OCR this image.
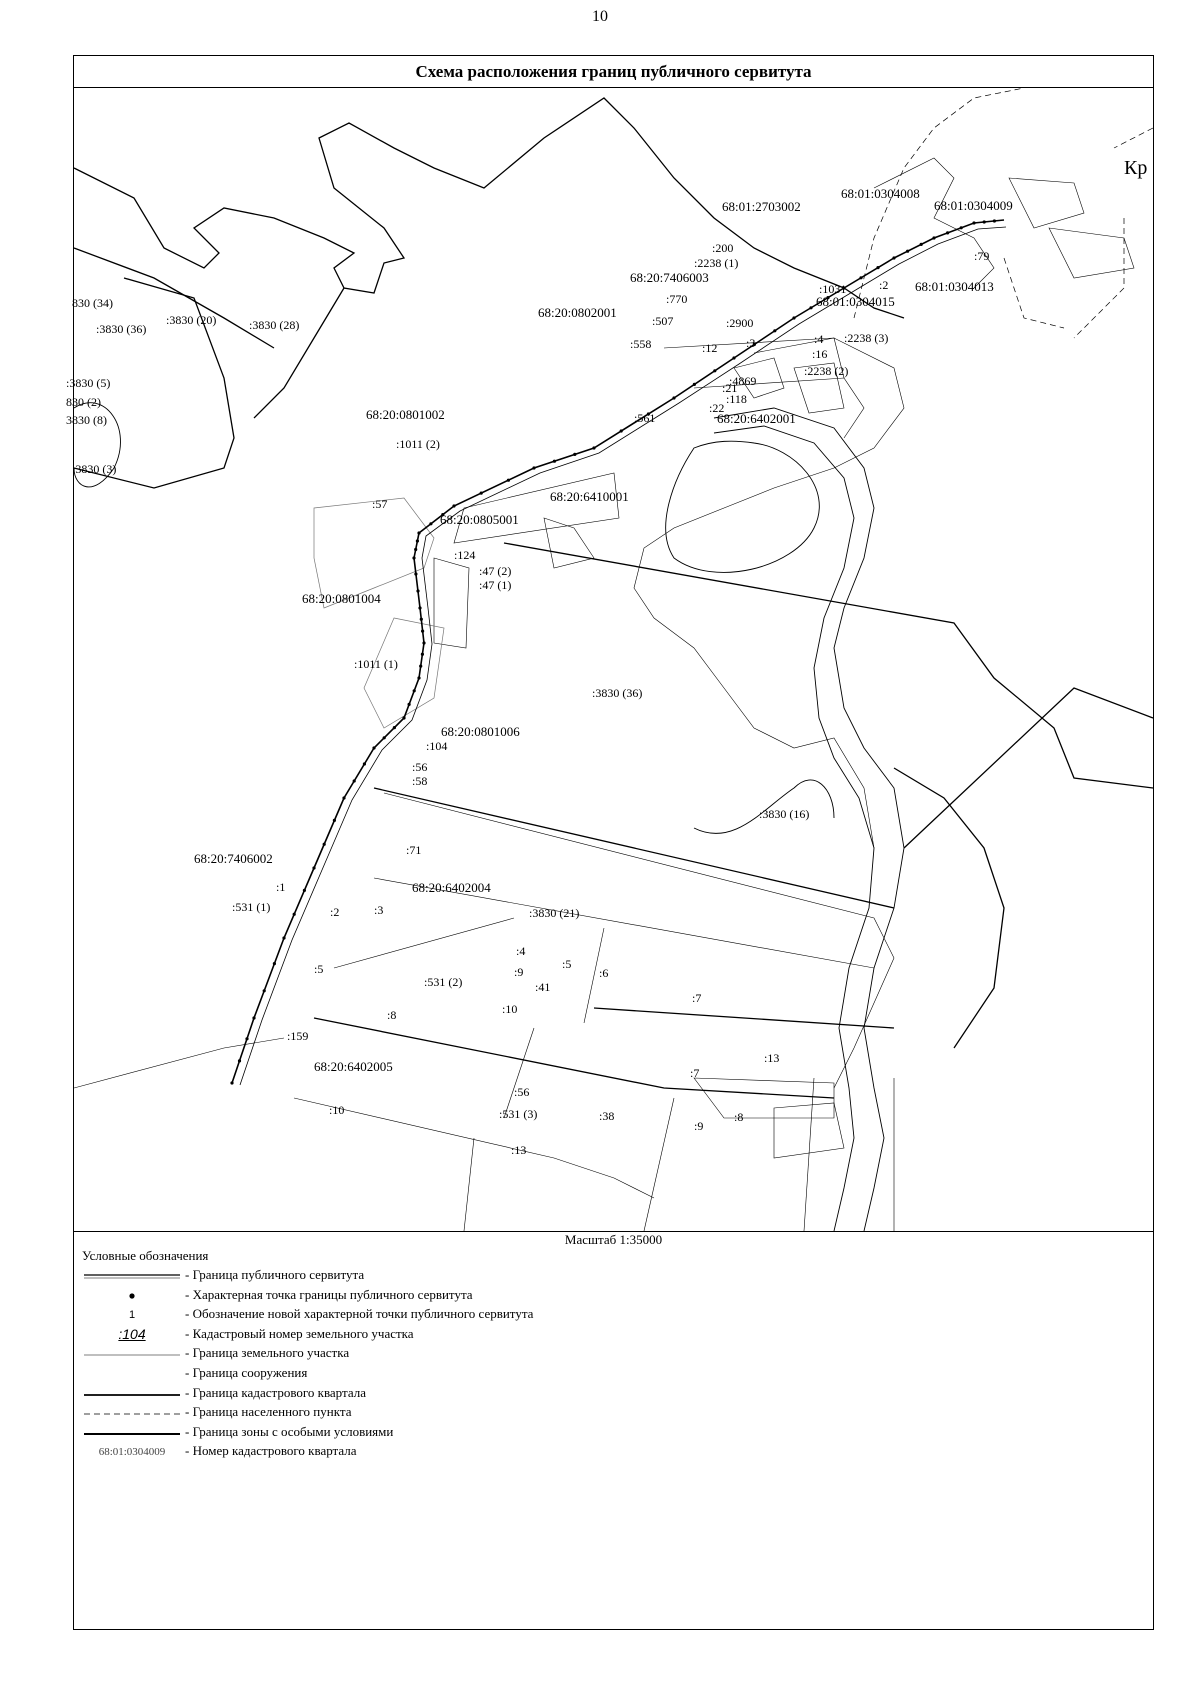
10
Схема расположения границ публичного сервитута
68:01:2703002
68:01:0304008
68:01:0304009
68:01:0304013
68:01:0304015
68:20:7406003
68:20:0802001
68:20:0801002	68:20:6402001
68:20:6410001
68:20:0805001
68:20:0801004
68:20:0801006
68:20:7406002
68:20:6402004
68:20:6402005
:200
:2238 (1)
:770
:507
:558
:2900
:12 :3
:1031	:2
:79
:4 :2238 (3)
:16
:2238 (2)
:4869
:21
:118
:22
:561
:1011 (2)
:57
:124
:47 (2)
:47 (1)
:1011 (1)
:3830 (36)
:104
:56
:58
:3830 (16)
:71
:1
:531 (1)	:2	:3	:3830 (21)
:5
:4
:5
:6
:531 (2)
:9
:41
:7
:10
:8
:159
:13
:7
:10
:56
:531 (3)	:38	:8
:9
:13
:3830 (20)	:3830 (28)
:3830 (36)
830 (34)
:3830 (5)
830 (2)
3830 (8)
:3830 (3)
Кр
Масштаб 1:35000
Условные обозначения
- Граница публичного сервитута
- Характерная точка границы публичного сервитута
1	- Обозначение новой характерной точки публичного сервитута
:104	- Кадастровый номер земельного участка
- Граница земельного участка
- Граница сооружения
- Граница кадастрового квартала
- Граница населенного пункта
- Граница зоны с особыми условиями
68:01:0304009	- Номер кадастрового квартала
